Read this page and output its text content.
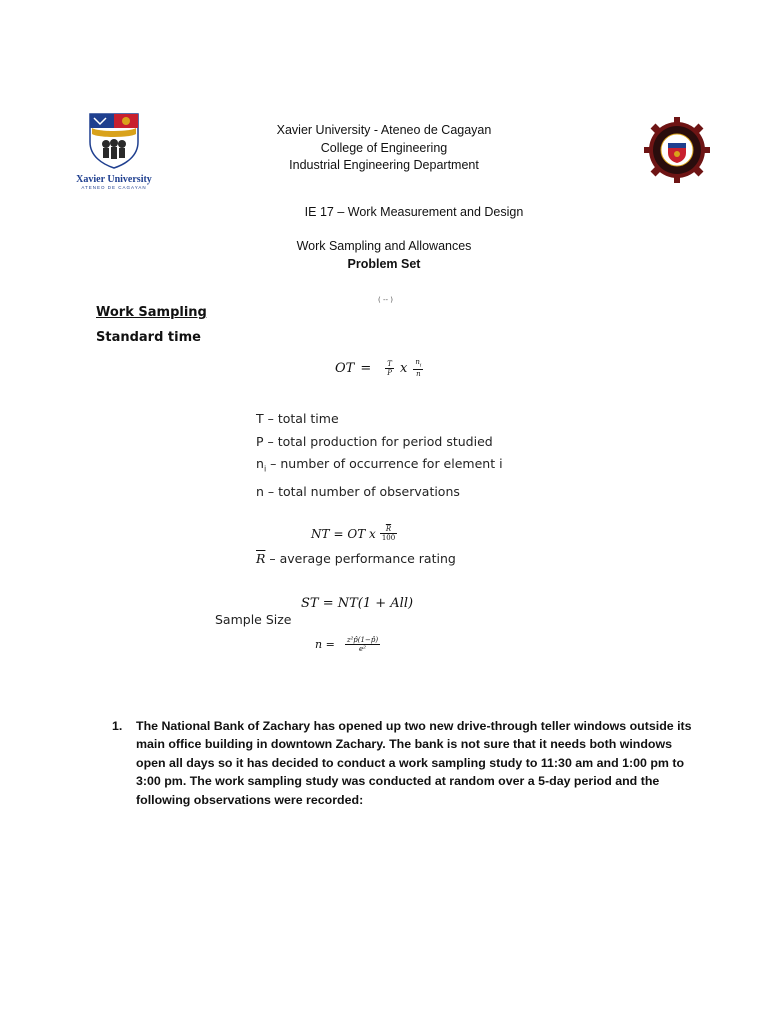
Xavier University
ATENEO DE CAGAYAN
Xavier University - Ateneo de Cagayan
College of Engineering
Industrial Engineering Department
IE 17 – Work Measurement and Design
Work Sampling and Allowances
Problem Set
( -- )
Work Sampling
Standard time
OT = $\frac{T}{P}$ x $\frac{n_i}{n}$
T – total time
P – total production for period studied
$n_i$ – number of occurrence for element i
n – total number of observations
NT = OT x $\frac{\overline{R}}{100}$
$\overline{R}$ – average performance rating
ST = NT(1 + All)
Sample Size
$n = \frac{\text{z²p̂(1−p̂)}}{\text{e²}}$
1. The National Bank of Zachary has opened up two new drive-through teller windows outside its
main office building in downtown Zachary. The bank is not sure that it needs both windows
open all days so it has decided to conduct a work sampling study to 11:30 am and 1:00 pm to
3:00 pm. The work sampling study was conducted at random over a 5-day period and the
following observations were recorded:
